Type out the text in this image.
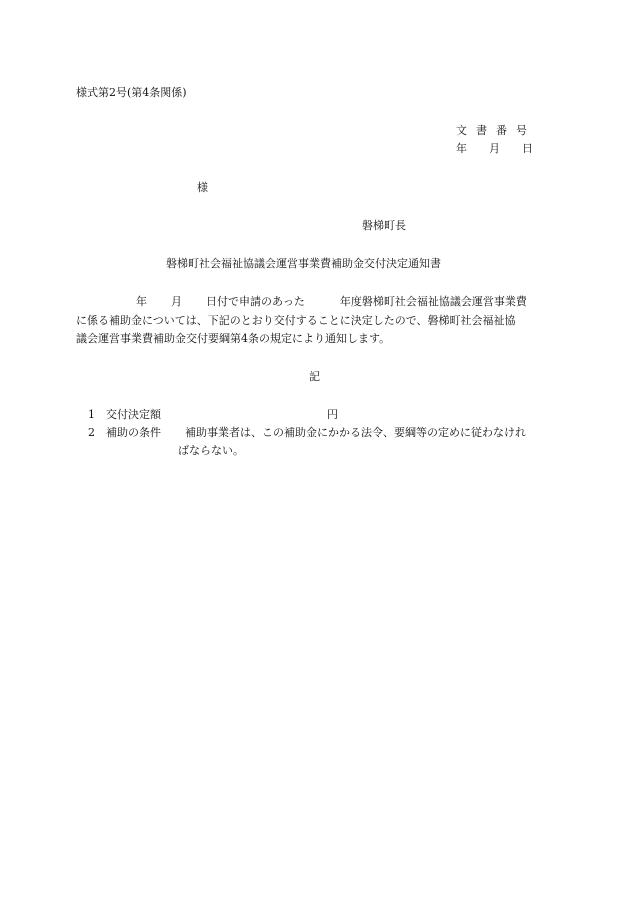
様式第2号(第4条関係)
文書番号
年 月 日
様
磐梯町長
磐梯町社会福祉協議会運営事業費補助金交付決定通知書
年 月 日付で申請のあった	年度磐梯町社会福祉協議会運営事業費
に係る補助金については、下記のとおり交付することに決定したので、磐梯町社会福祉協
議会運営事業費補助金交付要綱第4条の規定により通知します。
記
1 交付決定額	円
2 補助の条件 補助事業者は、この補助金にかかる法令、要綱等の定めに従わなけれ
ばならない。
